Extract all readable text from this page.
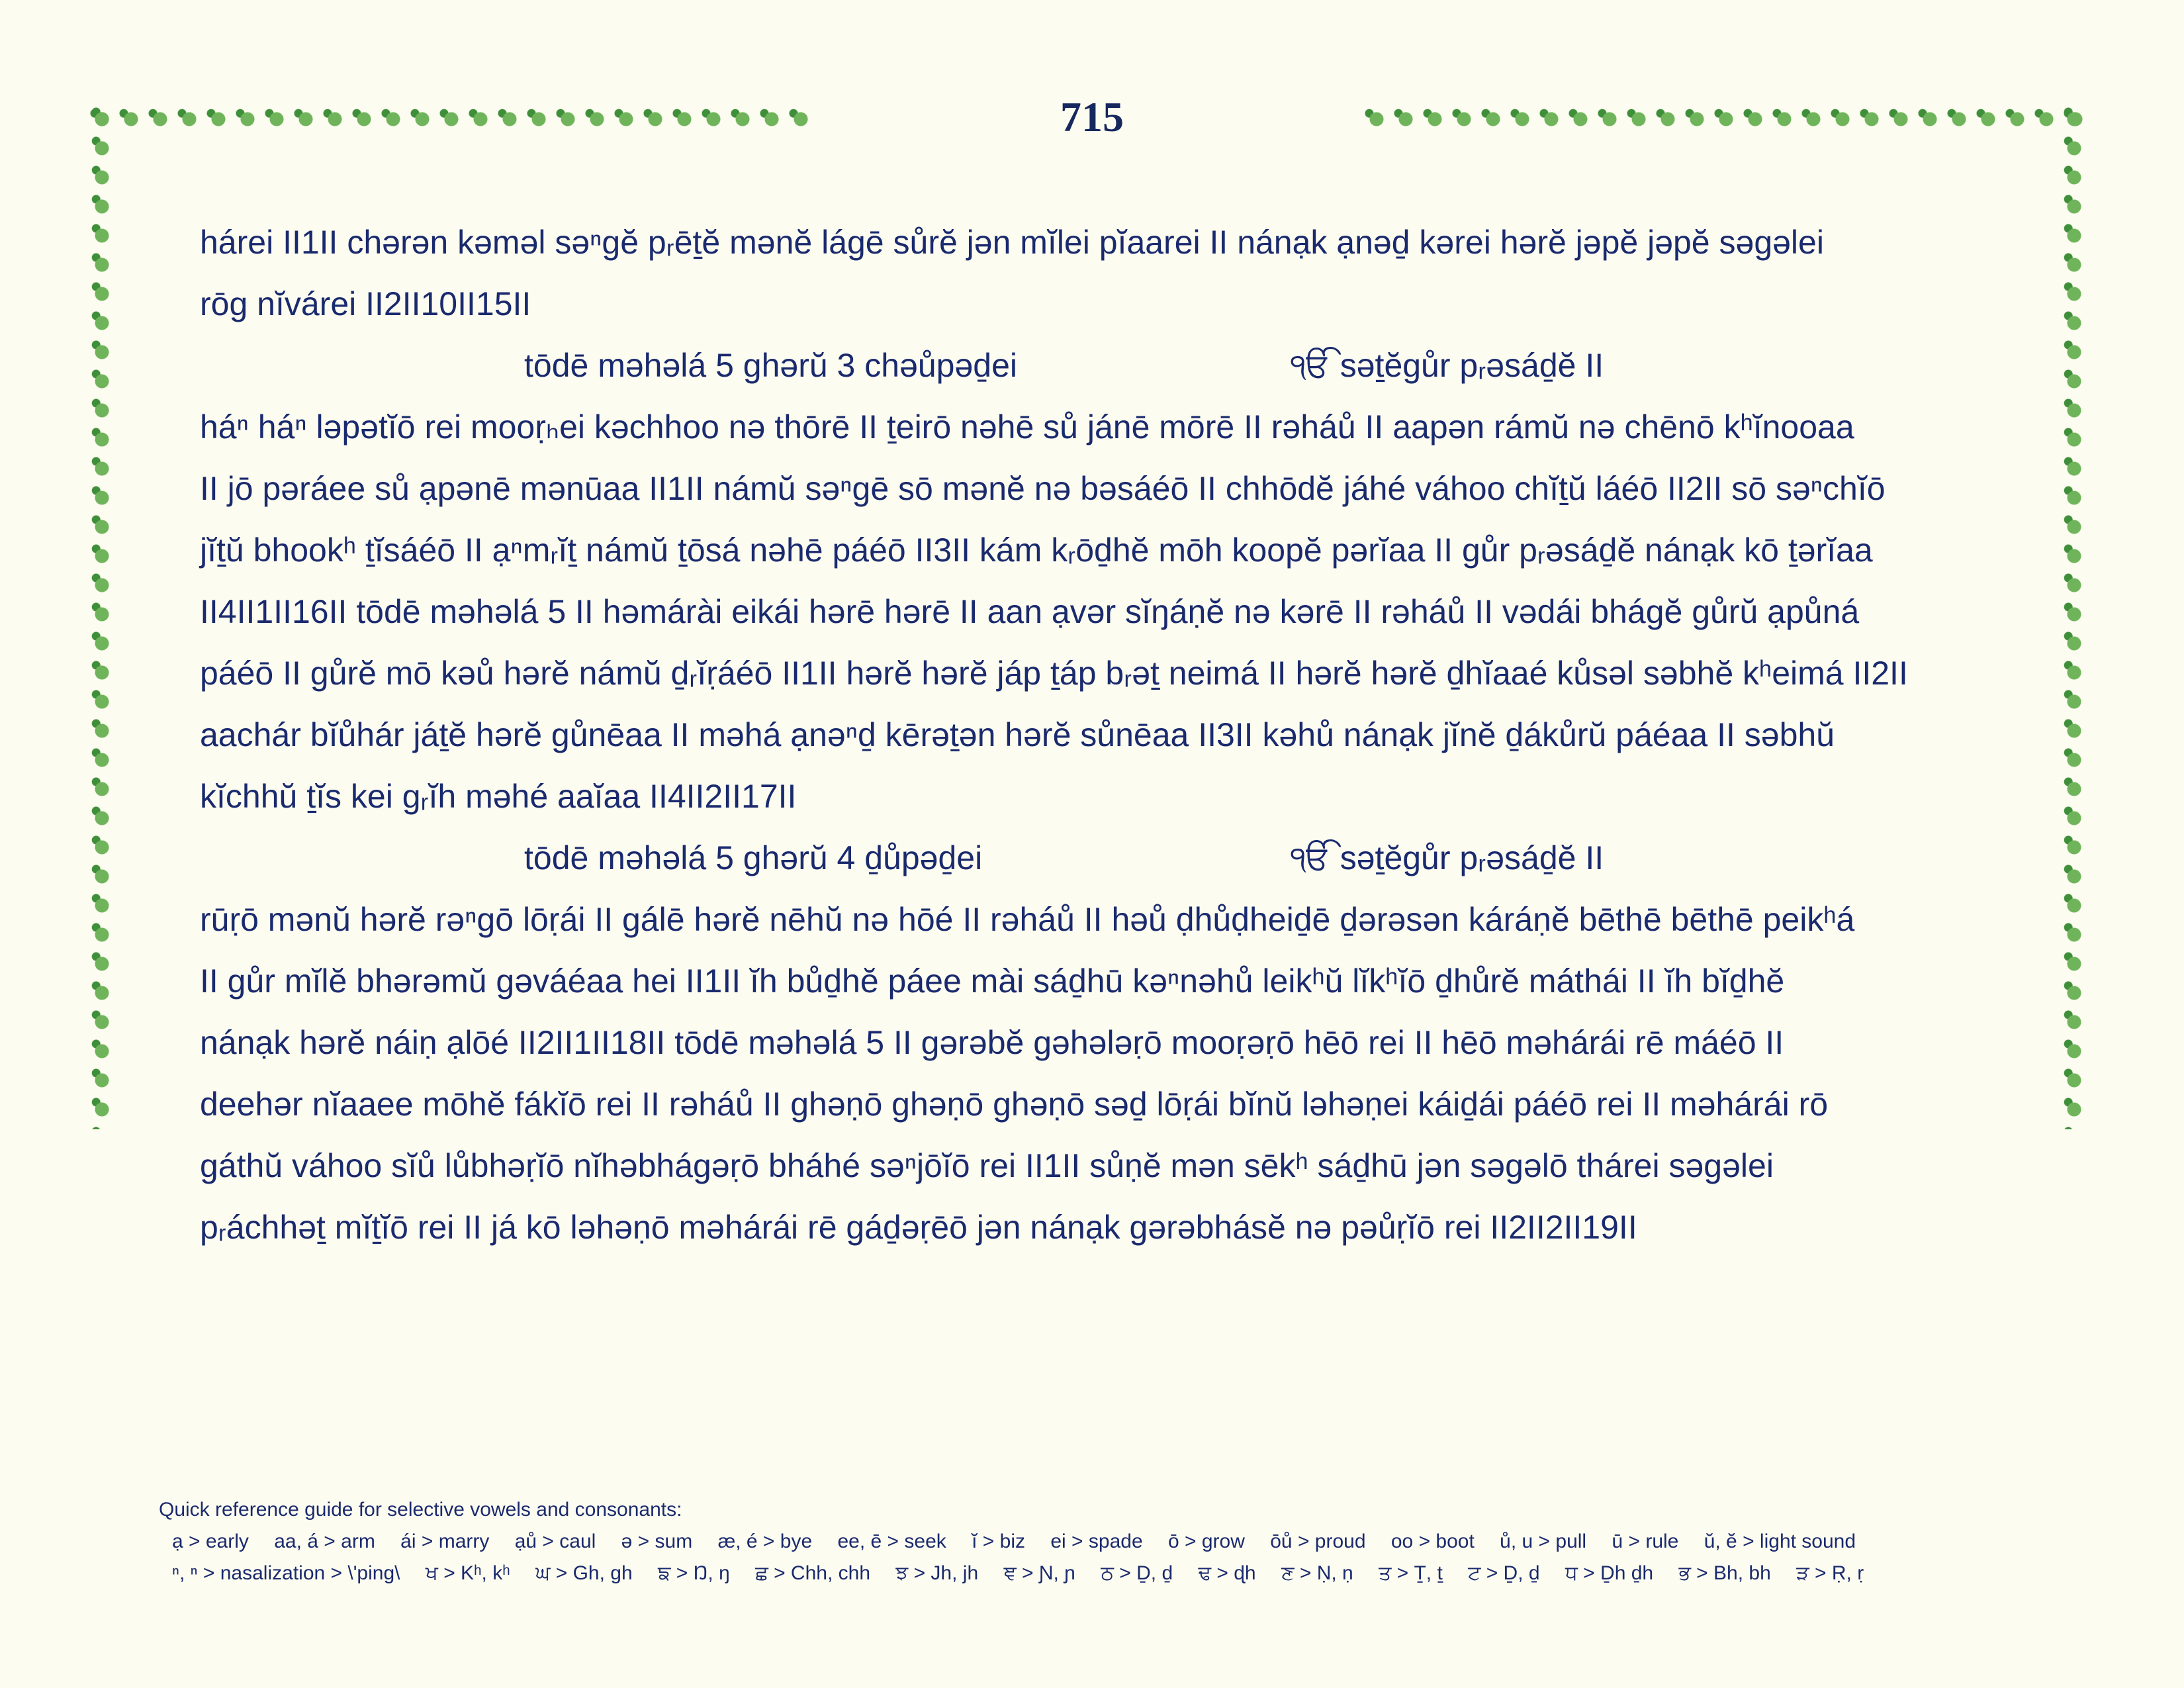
715
hárei II1II chərən kəməl səⁿgĕ pᵣēṯĕ mənĕ lágē sůrĕ jən mĭlei pĭaarei II nánạk ạnəḏ kərei hərĕ jəpĕ jəpĕ səgəlei
rōg nĭvárei II2II10II15II
tōdē məhəlá 5 ghərŭ 3 chəůpəḏei	ੴ səṯĕgůr pᵣəsáḏĕ II
háⁿ háⁿ ləpətĭō rei mooṛₕei kəchhoo nə thōrē II ṯeirō nəhē sů jánē mōrē II rəháů II aapən rámŭ nə chēnō kʰĭnooaa
II jō pəráee sů ạpənē mənūaa II1II námŭ səⁿgē sō mənĕ nə bəsáéō II chhōdĕ jáhé váhoo chĭṯŭ láéō II2II sō səⁿchĭō
jĭṯŭ bhookʰ ṯĭsáéō II ạⁿmᵣĭṯ námŭ ṯōsá nəhē páéō II3II kám kᵣōḏhĕ mōh koopĕ pərĭaa II gůr pᵣəsáḏĕ nánạk kō ṯərĭaa
II4II1II16II tōdē məhəlá 5 II həmárài eikái hərē hərē II aan ạvər sĭŋáṇĕ nə kərē II rəháů II vədái bhágĕ gůrŭ ạpůná
páéō II gůrĕ mō kəů hərĕ námŭ ḏᵣĭṛáéō II1II hərĕ hərĕ jáp ṯáp bᵣəṯ neimá II hərĕ hərĕ ḏhĭaaé kůsəl səbhĕ kʰeimá II2II
aachár bĭůhár jáṯĕ hərĕ gůnēaa II məhá ạnəⁿḏ kērəṯən hərĕ sůnēaa II3II kəhů nánạk jĭnĕ ḏákůrŭ páéaa II səbhŭ
kĭchhŭ ṯĭs kei gᵣĭh məhé aaĭaa II4II2II17II
tōdē məhəlá 5 ghərŭ 4 ḏůpəḏei	ੴ səṯĕgůr pᵣəsáḏĕ II
rūṛō mənŭ hərĕ rəⁿgō lōṛái II gálē hərĕ nēhŭ nə hōé II rəháů II həů ḍhůḍheiḏē ḏərəsən káráṇĕ bēthē bēthē peikʰá
II gůr mĭlĕ bhərəmŭ gəváéaa hei II1II ĭh bůḏhĕ páee mài sáḏhū kəⁿnəhů leikʰŭ lĭkʰĭō ḏhůrĕ máthái II ĭh bĭḏhĕ
nánạk hərĕ náiṇ ạlōé II2II1II18II tōdē məhəlá 5 II gərəbĕ gəhələṛō mooṛəṛō hēō rei II hēō məhárái rē máéō II
deehər nĭaaee mōhĕ fákĭō rei II rəháů II ghəṇō ghəṇō ghəṇō səḏ lōṛái bĭnŭ ləhəṇei káiḏái páéō rei II məhárái rō
gáthŭ váhoo sĭů lůbhəṛĭō nĭhəbhágəṛō bháhé səⁿjōĭō rei II1II sůṇĕ mən sēkʰ sáḏhū jən səgəlō thárei səgəlei
pᵣáchhəṯ mĭṯĭō rei II já kō ləhəṇō məhárái rē gáḏəṛēō jən nánạk gərəbhásĕ nə pəůṛĭō rei II2II2II19II
Quick reference guide for selective vowels and consonants:
ạ > early aa, á > arm ái > marry ạů > caul ə > sum æ, é > bye ee, ē > seek ĭ > biz ei > spade ō > grow ōů > proud oo > boot ů, u > pull ū > rule ŭ, ĕ > light sound
ⁿ, ⁿ > nasalization > \'ping\ ਖ > Kʰ, kʰ ਘ > Gh, gh ਙ > Ŋ, ŋ ਛ > Chh, chh ਝ > Jh, jh ਞ > Ɲ, ɲ ਠ > Ḏ, ḏ ਢ > ɖh ਣ > Ṇ, ṇ ਤ > Ṯ, ṯ ਟ > Ḏ, ḏ ਧ > Ḏh ḏh ਭ > Bh, bh ੜ > Ṛ, ṛ
